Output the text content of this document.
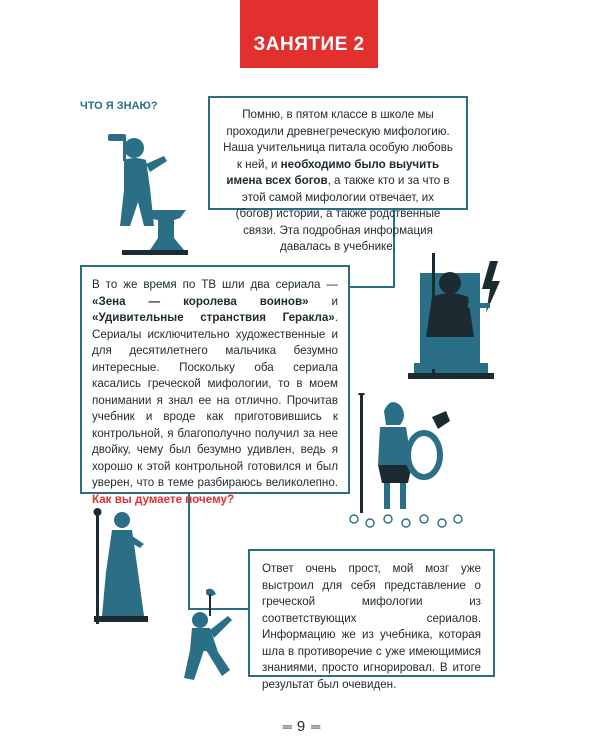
ЗАНЯТИЕ 2
ЧТО Я ЗНАЮ?

Помню, в пятом классе в школе мы проходили древнегреческую мифологию. Наша учительница питала особую любовь к ней, и необходимо было выучить имена всех богов, а также кто и за что в этой самой мифологии отвечает, их (богов) истории, а также родственные связи. Эта подробная информация давалась в учебнике.

В то же время по ТВ шли два сериала — «Зена — королева воинов» и «Удивительные странствия Геракла». Сериалы исключительно художественные и для десятилетнего мальчика безумно интересные. Поскольку оба сериала касались греческой мифологии, то в моем понимании я знал ее на отлично. Прочитав учебник и вроде как приготовившись к контрольной, я благополучно получил за нее двойку, чему был безумно удивлен, ведь я хорошо к этой контрольной готовился и был уверен, что в теме разбираюсь великолепно. Как вы думаете почему?

Ответ очень прост, мой мозг уже выстроил для себя представление о греческой мифологии из соответствующих сериалов. Информацию же из учебника, которая шла в противоречие с уже имеющимися знаниями, просто игнорировал. В итоге результат был очевиден.

═ 9 ═
